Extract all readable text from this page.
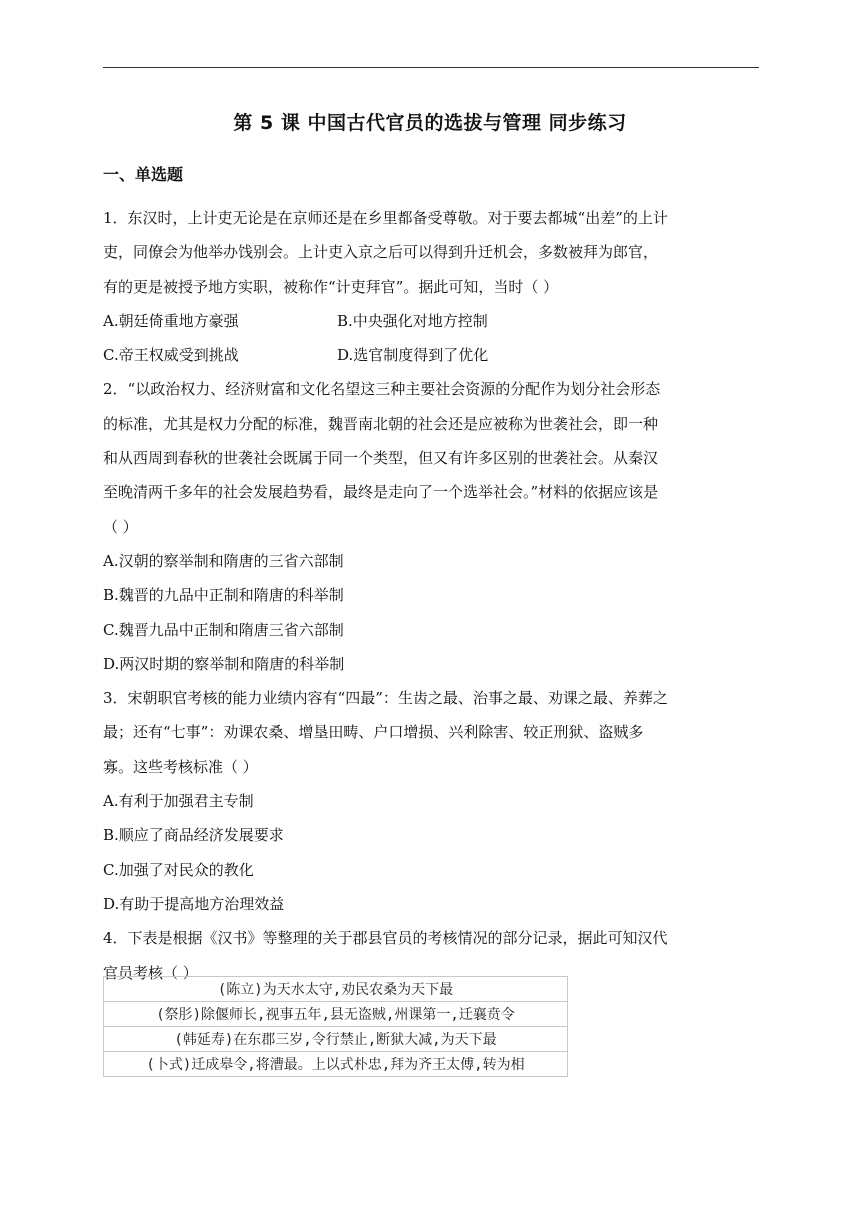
第 5 课 中国古代官员的选拔与管理 同步练习
一、单选题

1．东汉时，上计吏无论是在京师还是在乡里都备受尊敬。对于要去都城“出差”的上计

吏，同僚会为他举办饯别会。上计吏入京之后可以得到升迁机会，多数被拜为郎官，

有的更是被授予地方实职，被称作“计吏拜官”。据此可知，当时（ ）

A.朝廷倚重地方豪强	B.中央强化对地方控制

C.帝王权威受到挑战	D.选官制度得到了优化

2．“以政治权力、经济财富和文化名望这三种主要社会资源的分配作为划分社会形态

的标准，尤其是权力分配的标准，魏晋南北朝的社会还是应被称为世袭社会，即一种

和从西周到春秋的世袭社会既属于同一个类型，但又有许多区别的世袭社会。从秦汉

至晚清两千多年的社会发展趋势看，最终是走向了一个选举社会。”材料的依据应该是

（ ）

A.汉朝的察举制和隋唐的三省六部制

B.魏晋的九品中正制和隋唐的科举制

C.魏晋九品中正制和隋唐三省六部制

D.两汉时期的察举制和隋唐的科举制

3．宋朝职官考核的能力业绩内容有“四最”：生齿之最、治事之最、劝课之最、养葬之

最；还有“七事”：劝课农桑、增垦田畴、户口增损、兴利除害、较正刑狱、盗贼多

寡。这些考核标准（ ）

A.有利于加强君主专制

B.顺应了商品经济发展要求

C.加强了对民众的教化

D.有助于提高地方治理效益

4．下表是根据《汉书》等整理的关于郡县官员的考核情况的部分记录，据此可知汉代

官员考核（ ）

(陈立)为天水太守,劝民农桑为天下最
(祭肜)除偃师长,视事五年,县无盗贼,州课第一,迁襄贲令
(韩延寿)在东郡三岁,令行禁止,断狱大减,为天下最
(卜式)迁成皋令,将漕最。上以式朴忠,拜为齐王太傅,转为相
